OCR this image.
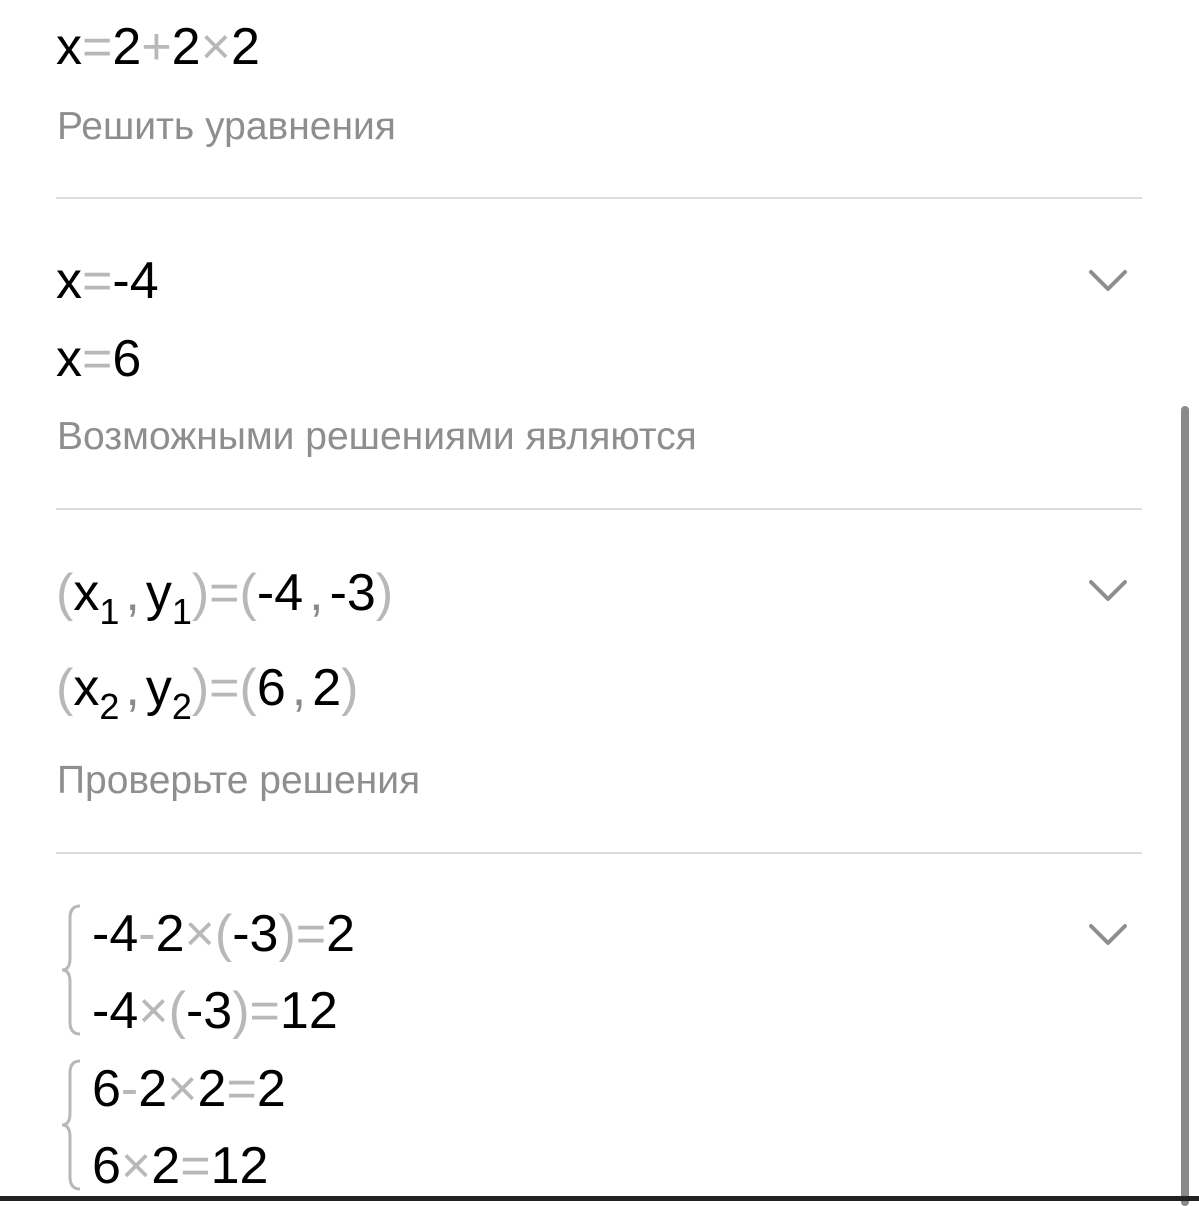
x=2+2×2
Решить уравнения
x=-4
x=6
Возможными решениями являются
($x_1$ , $y_1)=(-4$ , -3)
($x_2$ , $y_2)=(6$ , 2)
Проверьте решения
-4-2×(-3)=2
-4×(-3)=12
6-2×2=2
6×2=12
